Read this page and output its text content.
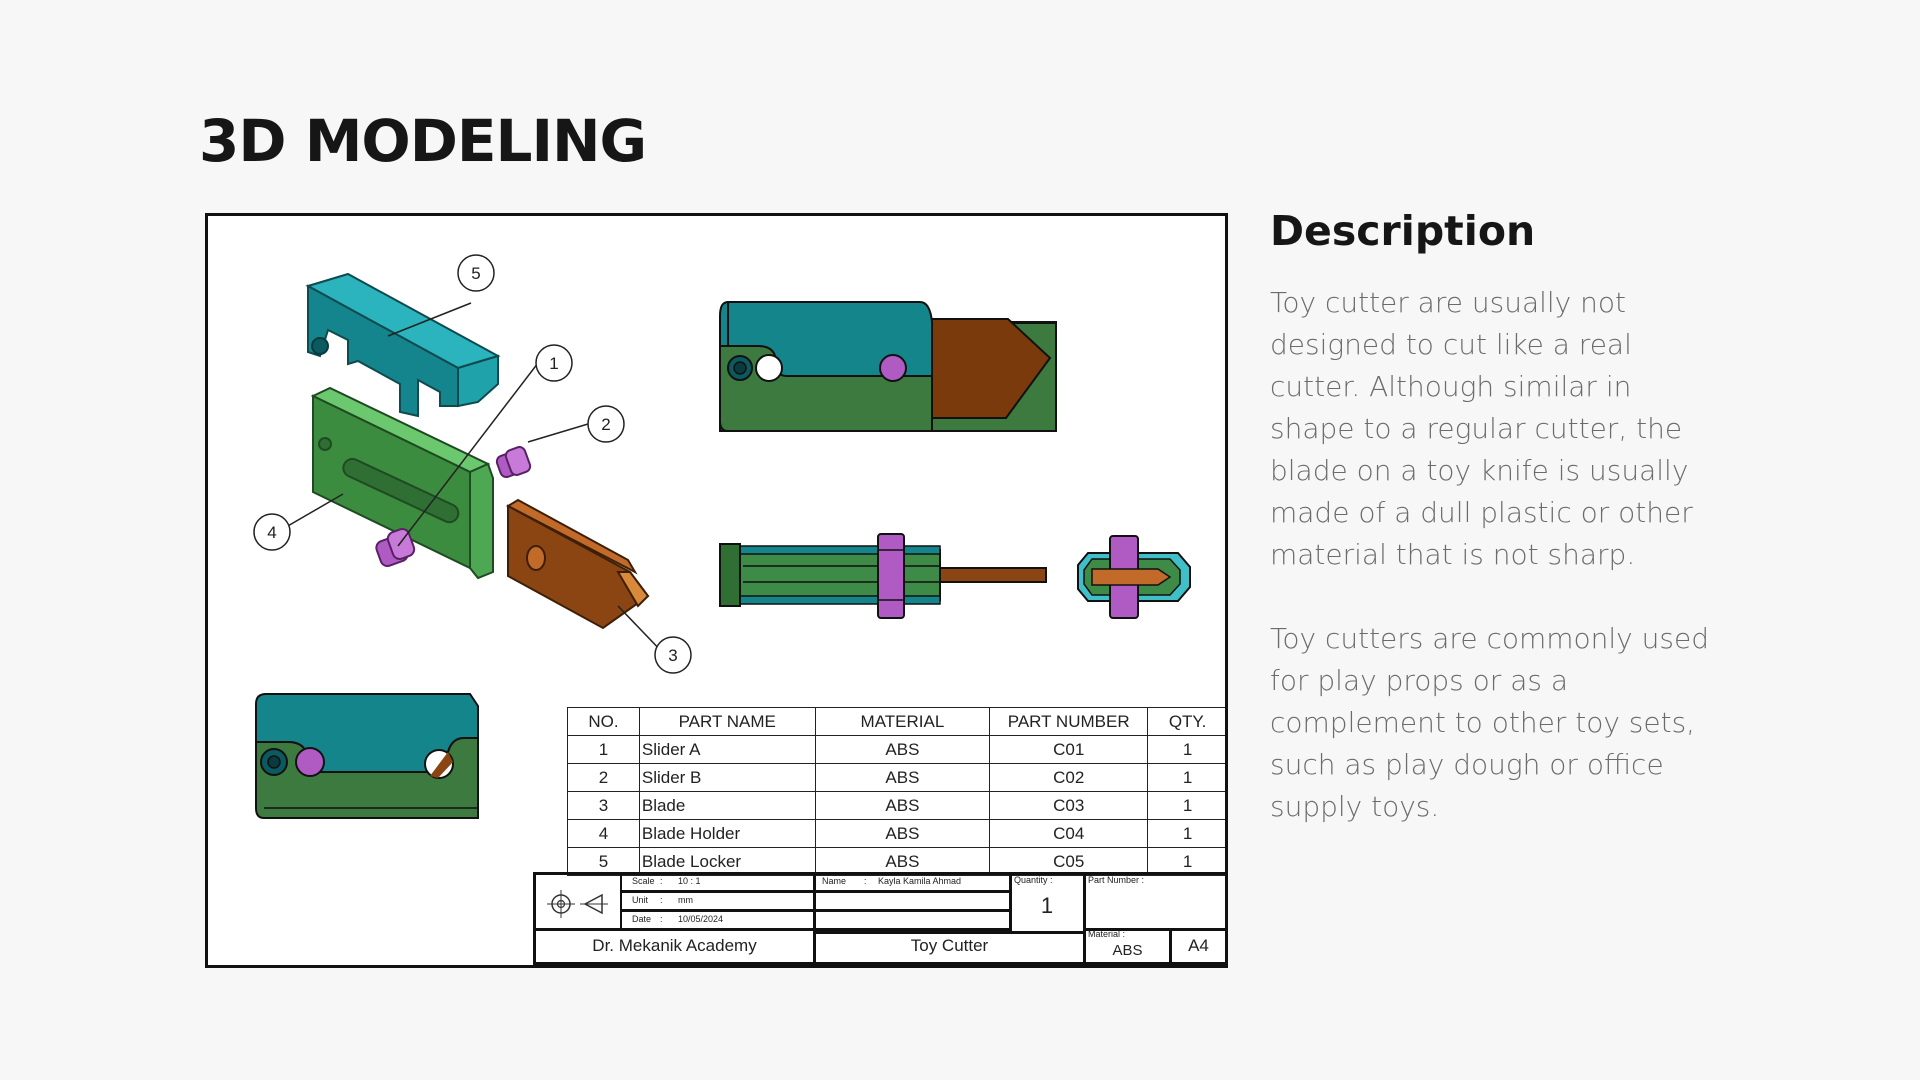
3D MODELING
5
1
2
4
3
NO.	PART NAME	MATERIAL	PART NUMBER	QTY.
1	Slider A	ABS	C01	1
2	Slider B	ABS	C02	1
3	Blade	ABS	C03	1
4	Blade Holder	ABS	C04	1
5	Blade Locker	ABS	C05	1
Scale : 10 : 1
Unit : mm
Date : 10/05/2024
Name : Kayla Kamila Ahmad	Quantity :
1
Part Number :
Dr. Mekanik Academy	Toy Cutter
Material :
ABS	A4
Description

Toy cutter are usually not designed to cut like a real cutter. Although similar in shape to a regular cutter, the blade on a toy knife is usually made of a dull plastic or other material that is not sharp.

Toy cutters are commonly used for play props or as a complement to other toy sets, such as play dough or office supply toys.
